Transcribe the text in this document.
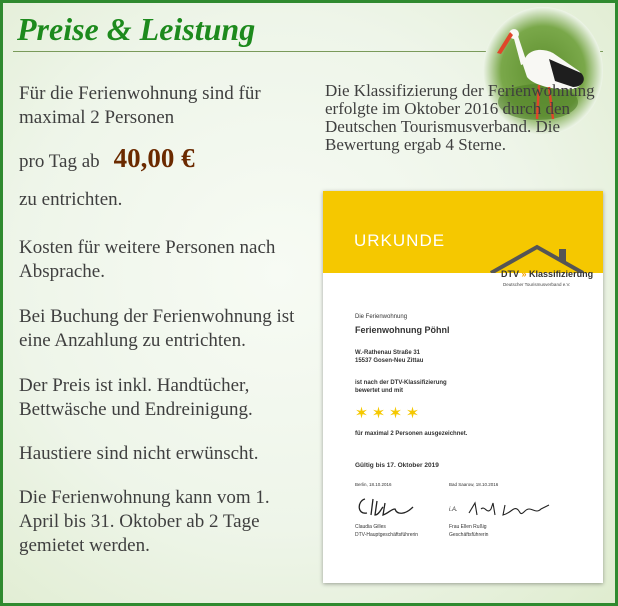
Preise & Leistung

Für die Ferienwohnung sind für maximal 2 Personen

pro Tag ab 40,00 €

zu entrichten.

Kosten für weitere Personen nach Absprache.

Bei Buchung der Ferienwohnung ist eine Anzahlung zu entrichten.

Der Preis ist inkl. Handtücher, Bettwäsche und Endreinigung.

Haustiere sind nicht erwünscht.

Die Ferienwohnung kann vom 1. April bis 31. Oktober ab 2 Tage gemietet werden.

Die Klassifizierung der Ferienwohnung erfolgte im Oktober 2016 durch den Deutschen Tourismusverband. Die Bewertung ergab 4 Sterne.

URKUNDE
DTV » Klassifizierung
Deutscher Tourismusverband e.V.
Die Ferienwohnung
Ferienwohnung Pöhnl
W.-Rathenau Straße 31
15537 Gosen-Neu Zittau
ist nach der DTV-Klassifizierung
bewertet und mit
für maximal 2 Personen ausgezeichnet.
Gültig bis 17. Oktober 2019
Berlin, 18.10.2016	Bad Saarow, 18.10.2016
i.A.
Claudia Gilles
DTV-Hauptgeschäftsführerin
Frau Ellen Rußig
Geschäftsführerin
